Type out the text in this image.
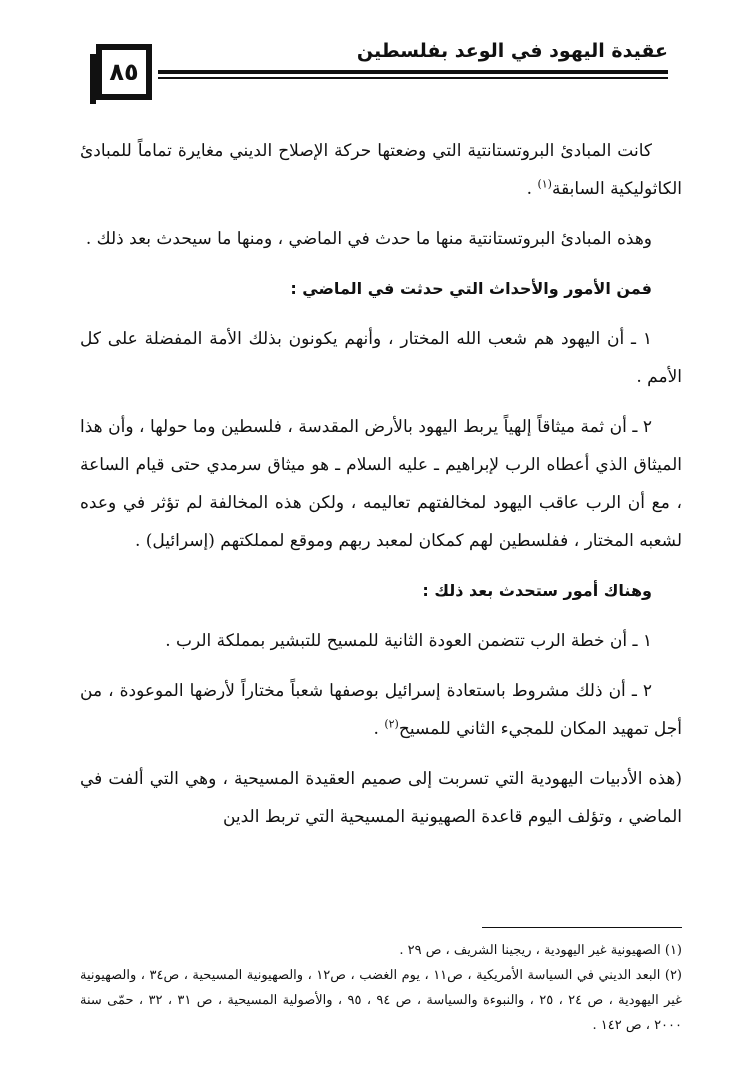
٨٥
عقيدة اليهود في الوعد بفلسطين

كانت المبادئ البروتستانتية التي وضعتها حركة الإصلاح الديني مغايرة تماماً للمبادئ الكاثوليكية السابقة$^{(١)}$ .

وهذه المبادئ البروتستانتية منها ما حدث في الماضي ، ومنها ما سيحدث بعد ذلك .

فمن الأمور والأحداث التي حدثت في الماضي :

١ ـ أن اليهود هم شعب الله المختار ، وأنهم يكونون بذلك الأمة المفضلة على كل الأمم .

٢ ـ أن ثمة ميثاقاً إلهياً يربط اليهود بالأرض المقدسة ، فلسطين وما حولها ، وأن هذا الميثاق الذي أعطاه الرب لإبراهيم ـ عليه السلام ـ هو ميثاق سرمدي حتى قيام الساعة ، مع أن الرب عاقب اليهود لمخالفتهم تعاليمه ، ولكن هذه المخالفة لم تؤثر في وعده لشعبه المختار ، ففلسطين لهم كمكان لمعبد ربهم وموقع لمملكتهم (إسرائيل) .

وهناك أمور ستحدث بعد ذلك :

١ ـ أن خطة الرب تتضمن العودة الثانية للمسيح للتبشير بمملكة الرب .

٢ ـ أن ذلك مشروط باستعادة إسرائيل بوصفها شعباً مختاراً لأرضها الموعودة ، من أجل تمهيد المكان للمجيء الثاني للمسيح$^{(٢)}$ .

(هذه الأدبيات اليهودية التي تسربت إلى صميم العقيدة المسيحية ، وهي التي ألفت في الماضي ، وتؤلف اليوم قاعدة الصهيونية المسيحية التي تربط الدين

(١) الصهيونية غير اليهودية ، ريجينا الشريف ، ص ٢٩ .

(٢) البعد الديني في السياسة الأمريكية ، ص١١ ، يوم الغضب ، ص١٢ ، والصهيونية المسيحية ، ص٣٤ ، والصهيونية غير اليهودية ، ص ٢٤ ، ٢٥ ، والنبوءة والسياسة ، ص ٩٤ ، ٩٥ ، والأصولية المسيحية ، ص ٣١ ، ٣٢ ، حمّى سنة ٢٠٠٠ ، ص ١٤٢ .
